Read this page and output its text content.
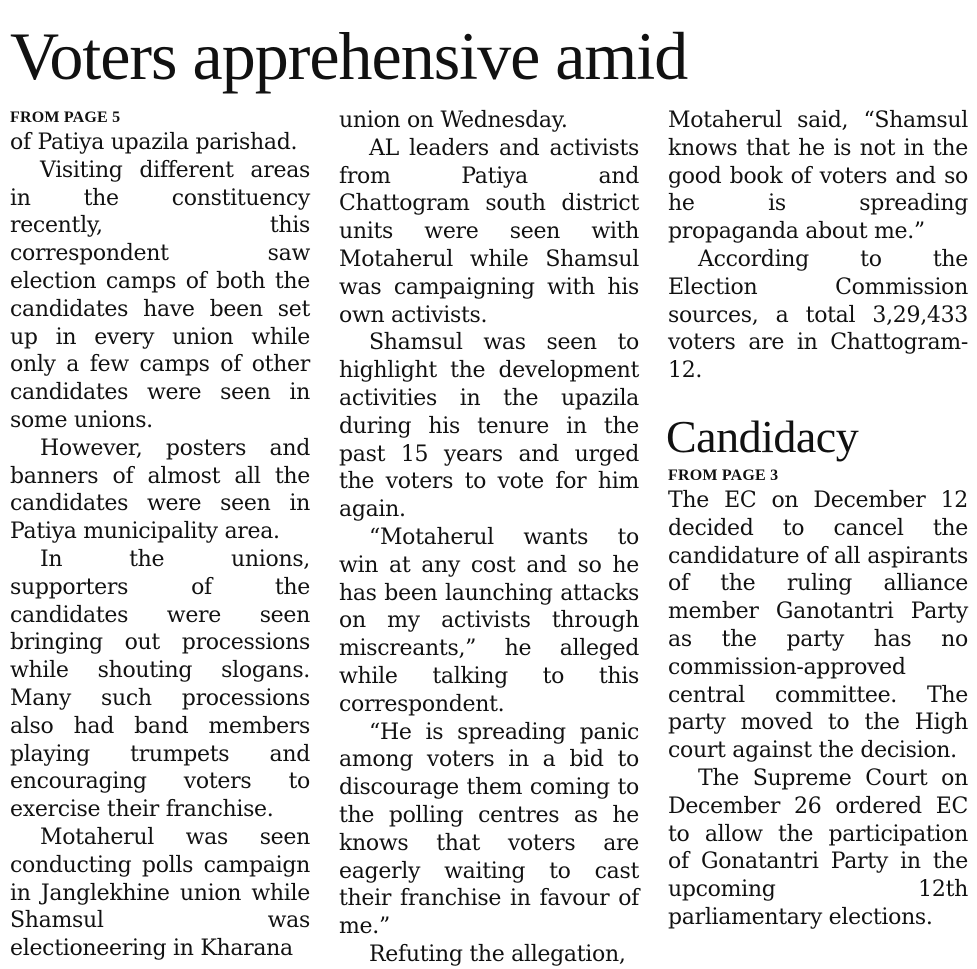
Voters apprehensive amid

FROM PAGE 5

of Patiya upazila parishad.

Visiting different areas in the constituency recently, this correspondent saw election camps of both the candidates have been set up in every union while only a few camps of other candidates were seen in some unions.

However, posters and banners of almost all the candidates were seen in Patiya municipality area.

In the unions, supporters of the candidates were seen bringing out processions while shouting slogans. Many such processions also had band members playing trumpets and encouraging voters to exercise their franchise.

Motaherul was seen conducting polls campaign in Janglekhine union while Shamsul was electioneering in Kharana

union on Wednesday.

AL leaders and activists from Patiya and Chattogram south district units were seen with Motaherul while Shamsul was campaigning with his own activists.

Shamsul was seen to highlight the development activities in the upazila during his tenure in the past 15 years and urged the voters to vote for him again.

“Motaherul wants to win at any cost and so he has been launching attacks on my activists through miscreants,” he alleged while talking to this correspondent.

“He is spreading panic among voters in a bid to discourage them coming to the polling centres as he knows that voters are eagerly waiting to cast their franchise in favour of me.”

Refuting the allegation,

Motaherul said, “Shamsul knows that he is not in the good book of voters and so he is spreading propaganda about me.”

According to the Election Commission sources, a total 3,29,433 voters are in Chattogram-12.

Candidacy

FROM PAGE 3

The EC on December 12 decided to cancel the candidature of all aspirants of the ruling alliance member Ganotantri Party as the party has no commission-approved central committee. The party moved to the High court against the decision.

The Supreme Court on December 26 ordered EC to allow the participation of Gonatantri Party in the upcoming 12th parliamentary elections.
